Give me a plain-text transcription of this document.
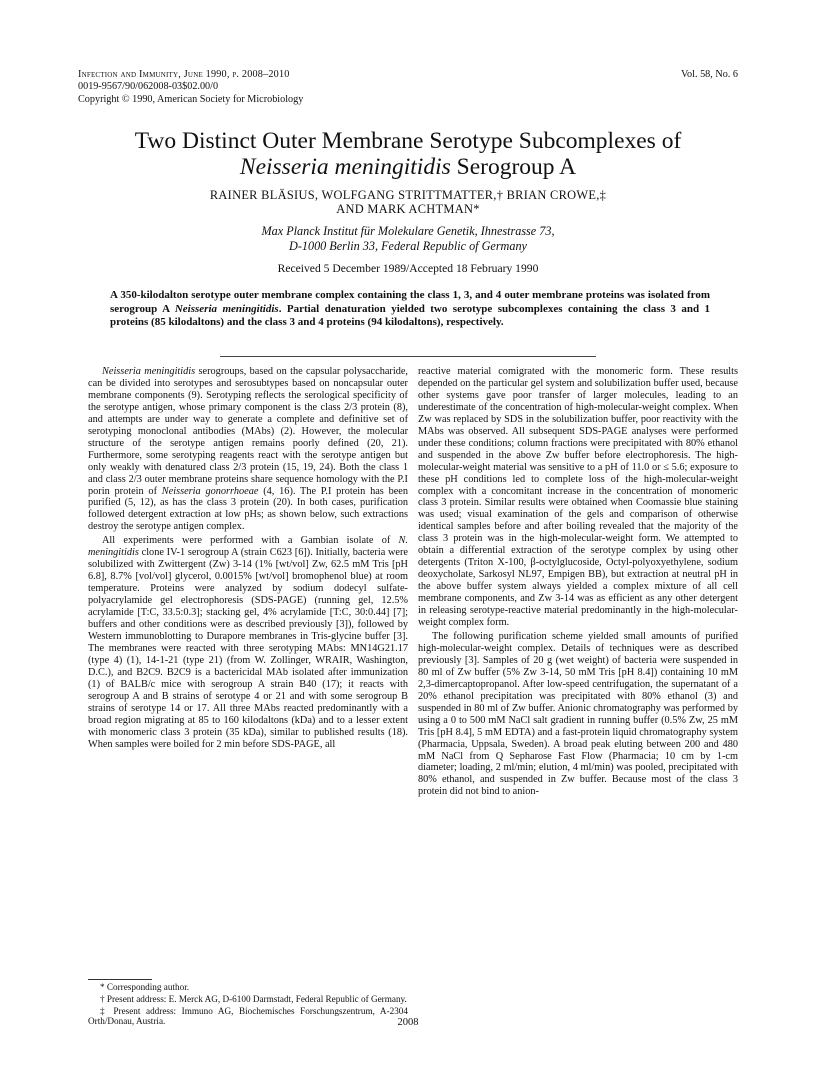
Infection and Immunity, June 1990, p. 2008–2010	Vol. 58, No. 6
0019-9567/90/062008-03$02.00/0
Copyright © 1990, American Society for Microbiology
Two Distinct Outer Membrane Serotype Subcomplexes of
Neisseria meningitidis Serogroup A
RAINER BLÄSIUS, WOLFGANG STRITTMATTER,† BRIAN CROWE,‡
AND MARK ACHTMAN*
Max Planck Institut für Molekulare Genetik, Ihnestrasse 73,
D-1000 Berlin 33, Federal Republic of Germany
Received 5 December 1989/Accepted 18 February 1990
A 350-kilodalton serotype outer membrane complex containing the class 1, 3, and 4 outer membrane proteins was isolated from serogroup A Neisseria meningitidis. Partial denaturation yielded two serotype subcomplexes containing the class 3 and 1 proteins (85 kilodaltons) and the class 3 and 4 proteins (94 kilodaltons), respectively.

Neisseria meningitidis serogroups, based on the capsular polysaccharide, can be divided into serotypes and serosubtypes based on noncapsular outer membrane components (9). Serotyping reflects the serological specificity of the serotype antigen, whose primary component is the class 2/3 protein (8), and attempts are under way to generate a complete and definitive set of serotyping monoclonal antibodies (MAbs) (2). However, the molecular structure of the serotype antigen remains poorly defined (20, 21). Furthermore, some serotyping reagents react with the serotype antigen but only weakly with denatured class 2/3 protein (15, 19, 24). Both the class 1 and class 2/3 outer membrane proteins share sequence homology with the P.I porin protein of Neisseria gonorrhoeae (4, 16). The P.I protein has been purified (5, 12), as has the class 3 protein (20). In both cases, purification followed detergent extraction at low pHs; as shown below, such extractions destroy the serotype antigen complex.

All experiments were performed with a Gambian isolate of N. meningitidis clone IV-1 serogroup A (strain C623 [6]). Initially, bacteria were solubilized with Zwittergent (Zw) 3-14 (1% [wt/vol] Zw, 62.5 mM Tris [pH 6.8], 8.7% [vol/vol] glycerol, 0.0015% [wt/vol] bromophenol blue) at room temperature. Proteins were analyzed by sodium dodecyl sulfate-polyacrylamide gel electrophoresis (SDS-PAGE) (running gel, 12.5% acrylamide [T:C, 33.5:0.3]; stacking gel, 4% acrylamide [T:C, 30:0.44] [7]; buffers and other conditions were as described previously [3]), followed by Western immunoblotting to Durapore membranes in Tris-glycine buffer [3]. The membranes were reacted with three serotyping MAbs: MN14G21.17 (type 4) (1), 14-1-21 (type 21) (from W. Zollinger, WRAIR, Washington, D.C.), and B2C9. B2C9 is a bactericidal MAb isolated after immunization (1) of BALB/c mice with serogroup A strain B40 (17); it reacts with serogroup A and B strains of serotype 4 or 21 and with some serogroup B strains of serotype 14 or 17. All three MAbs reacted predominantly with a broad region migrating at 85 to 160 kilodaltons (kDa) and to a lesser extent with monomeric class 3 protein (35 kDa), similar to published results (18). When samples were boiled for 2 min before SDS-PAGE, all

reactive material comigrated with the monomeric form. These results depended on the particular gel system and solubilization buffer used, because other systems gave poor transfer of larger molecules, leading to an underestimate of the concentration of high-molecular-weight complex. When Zw was replaced by SDS in the solubilization buffer, poor reactivity with the MAbs was observed. All subsequent SDS-PAGE analyses were performed under these conditions; column fractions were precipitated with 80% ethanol and suspended in the above Zw buffer before electrophoresis. The high-molecular-weight material was sensitive to a pH of 11.0 or ≤ 5.6; exposure to these pH conditions led to complete loss of the high-molecular-weight complex with a concomitant increase in the concentration of monomeric class 3 protein. Similar results were obtained when Coomassie blue staining was used; visual examination of the gels and comparison of otherwise identical samples before and after boiling revealed that the majority of the class 3 protein was in the high-molecular-weight form. We attempted to obtain a differential extraction of the serotype complex by using other detergents (Triton X-100, β-octylglucoside, Octyl-polyoxyethylene, sodium deoxycholate, Sarkosyl NL97, Empigen BB), but extraction at neutral pH in the above buffer system always yielded a complex mixture of all cell membrane components, and Zw 3-14 was as efficient as any other detergent in releasing serotype-reactive material predominantly in the high-molecular-weight complex form.

The following purification scheme yielded small amounts of purified high-molecular-weight complex. Details of techniques were as described previously [3]. Samples of 20 g (wet weight) of bacteria were suspended in 80 ml of Zw buffer (5% Zw 3-14, 50 mM Tris [pH 8.4]) containing 10 mM 2,3-dimercaptopropanol. After low-speed centrifugation, the supernatant of a 20% ethanol precipitation was precipitated with 80% ethanol (3) and suspended in 80 ml of Zw buffer. Anionic chromatography was performed by using a 0 to 500 mM NaCl salt gradient in running buffer (0.5% Zw, 25 mM Tris [pH 8.4], 5 mM EDTA) and a fast-protein liquid chromatography system (Pharmacia, Uppsala, Sweden). A broad peak eluting between 200 and 480 mM NaCl from Q Sepharose Fast Flow (Pharmacia; 10 cm by 1-cm diameter; loading, 2 ml/min; elution, 4 ml/min) was pooled, precipitated with 80% ethanol, and suspended in Zw buffer. Because most of the class 3 protein did not bind to anion-

* Corresponding author.

† Present address: E. Merck AG, D-6100 Darmstadt, Federal Republic of Germany.

‡ Present address: Immuno AG, Biochemisches Forschungszentrum, A-2304 Orth/Donau, Austria.	2008
